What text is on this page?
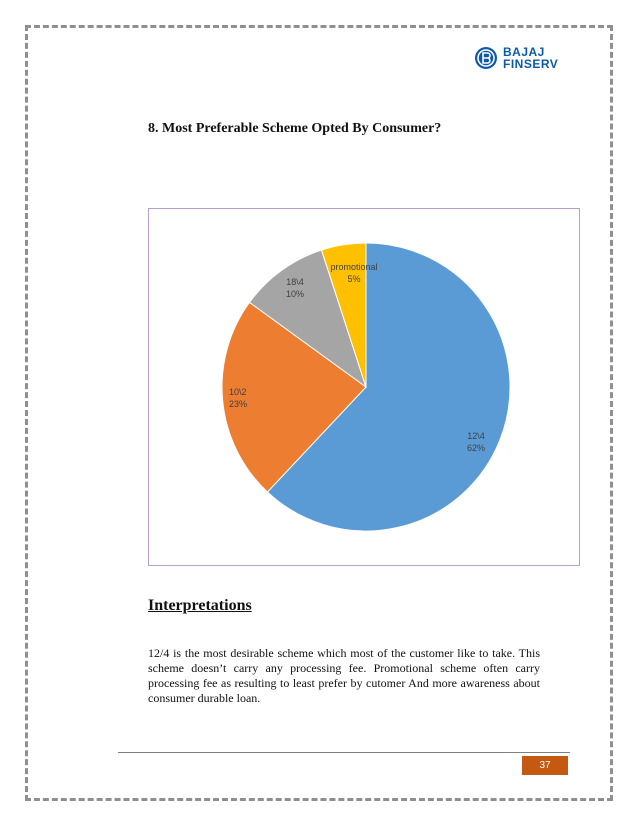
BAJAJ
FINSERV
8. Most Preferable Scheme Opted By Consumer?
12\4
62%
10\2
23%
18\4
10%
promotional
5%
Interpretations
12/4 is the most desirable scheme which most of the customer like to take. This scheme doesn’t carry any processing fee. Promotional scheme often carry processing fee as resulting to least prefer by cutomer And more awareness about consumer durable loan.
37
